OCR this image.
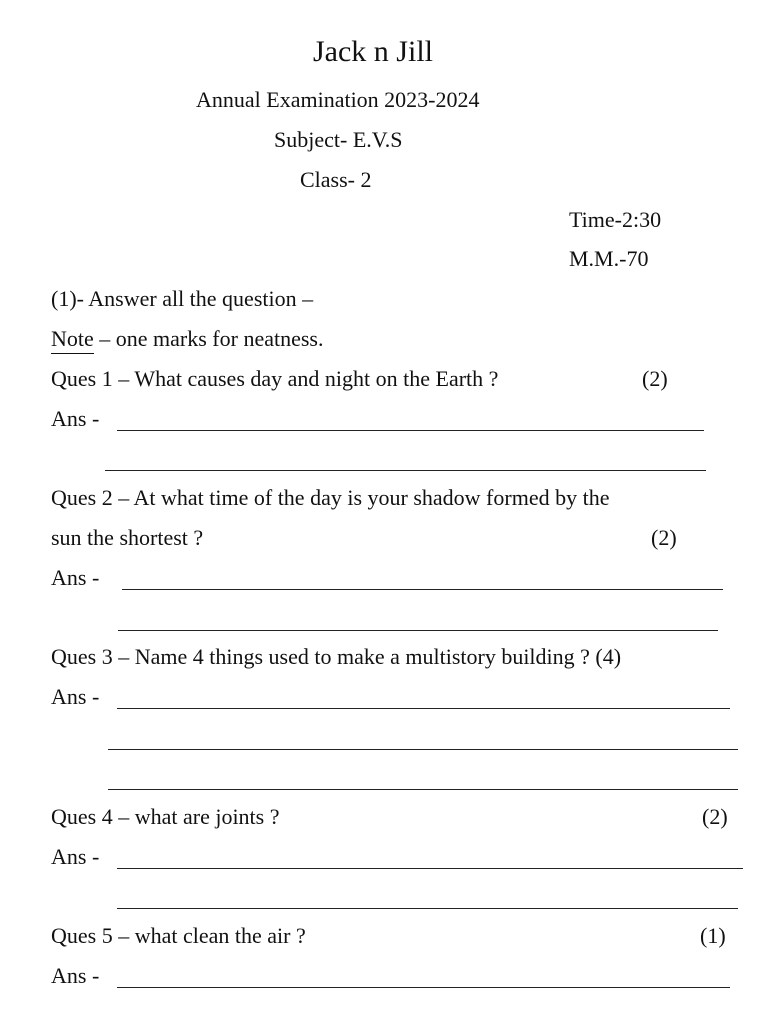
Jack n Jill
Annual Examination 2023-2024
Subject- E.V.S
Class- 2
Time-2:30
M.M.-70
(1)- Answer all the question –
Note – one marks for neatness.
Ques 1 – What causes day and night on the Earth ?	(2)
Ans -
Ques 2 – At what time of the day is your shadow formed by the
sun the shortest ?	(2)
Ans -
Ques 3 – Name 4 things used to make a multistory building ? (4)
Ans -
Ques 4 – what are joints ?	(2)
Ans -
Ques 5 – what clean the air ?	(1)
Ans -
